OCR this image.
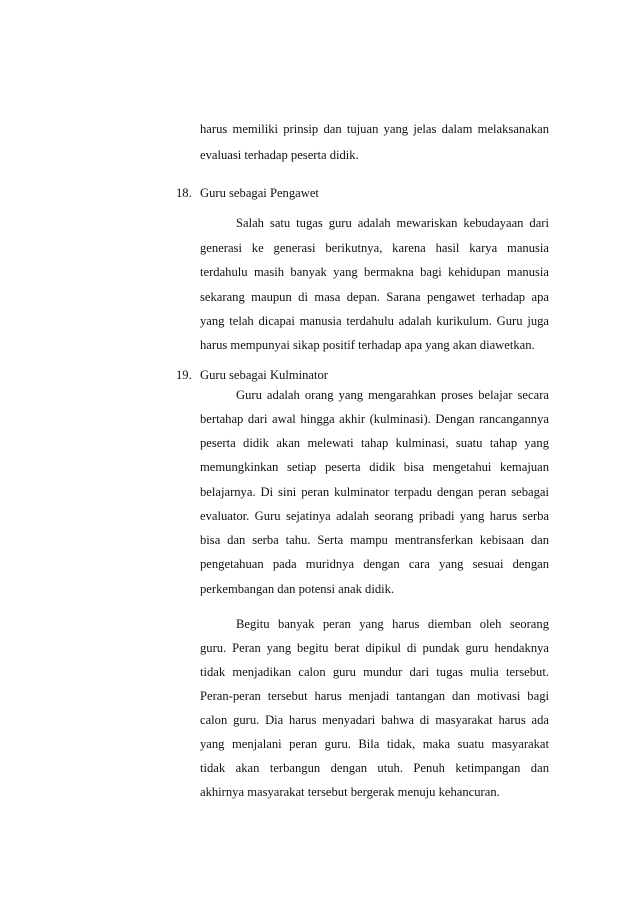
harus memiliki prinsip dan tujuan yang jelas dalam melaksanakan
evaluasi terhadap peserta didik.
18. Guru sebagai Pengawet
Salah satu tugas guru adalah mewariskan kebudayaan dari
generasi ke generasi berikutnya, karena hasil karya manusia
terdahulu masih banyak yang bermakna bagi kehidupan manusia
sekarang maupun di masa depan. Sarana pengawet terhadap apa
yang telah dicapai manusia terdahulu adalah kurikulum. Guru juga
harus mempunyai sikap positif terhadap apa yang akan diawetkan.
19. Guru sebagai Kulminator
Guru adalah orang yang mengarahkan proses belajar secara
bertahap dari awal hingga akhir (kulminasi). Dengan rancangannya
peserta didik akan melewati tahap kulminasi, suatu tahap yang
memungkinkan setiap peserta didik bisa mengetahui kemajuan
belajarnya. Di sini peran kulminator terpadu dengan peran sebagai
evaluator. Guru sejatinya adalah seorang pribadi yang harus serba
bisa dan serba tahu. Serta mampu mentransferkan kebisaan dan
pengetahuan pada muridnya dengan cara yang sesuai dengan
perkembangan dan potensi anak didik.
Begitu banyak peran yang harus diemban oleh seorang
guru. Peran yang begitu berat dipikul di pundak guru hendaknya
tidak menjadikan calon guru mundur dari tugas mulia tersebut.
Peran-peran tersebut harus menjadi tantangan dan motivasi bagi
calon guru. Dia harus menyadari bahwa di masyarakat harus ada
yang menjalani peran guru. Bila tidak, maka suatu masyarakat
tidak akan terbangun dengan utuh. Penuh ketimpangan dan
akhirnya masyarakat tersebut bergerak menuju kehancuran.
